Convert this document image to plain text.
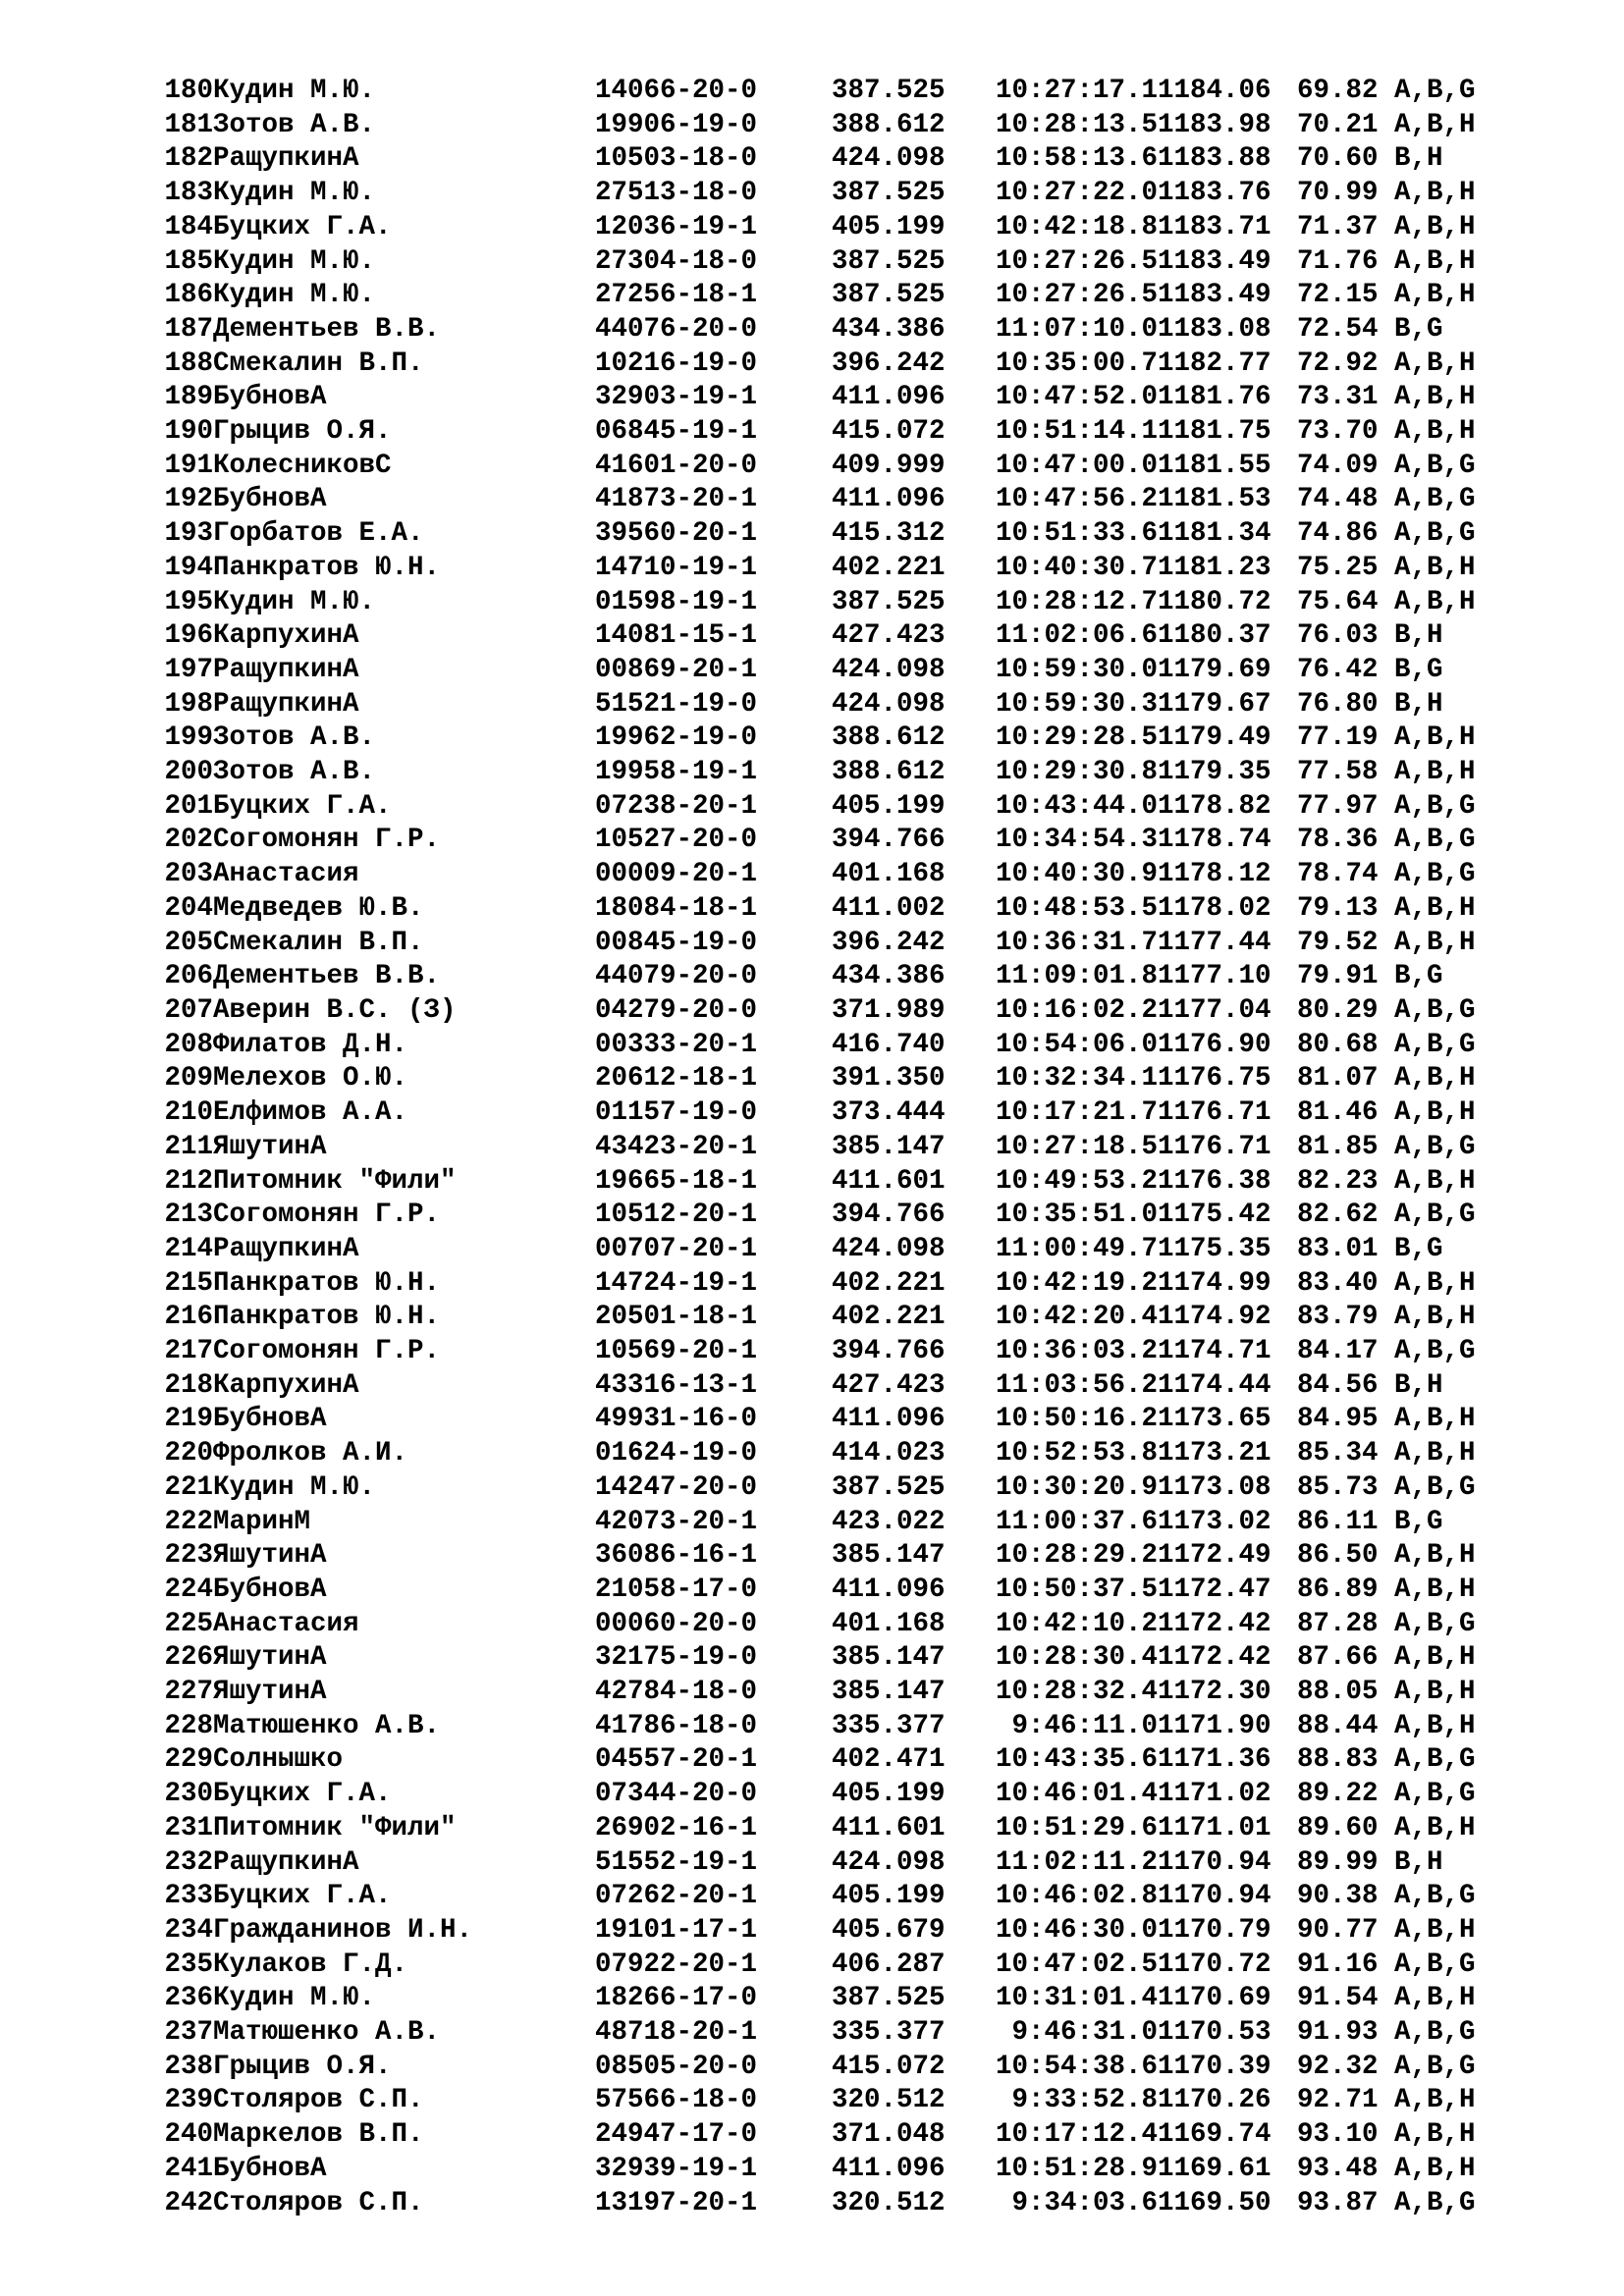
180	Кудин М.Ю.	14066-20-0	387.525	10:27:17.1	1184.06	69.82	A,B,G
181	Зотов А.В.	19906-19-0	388.612	10:28:13.5	1183.98	70.21	A,B,H
182	РащупкинА	10503-18-0	424.098	10:58:13.6	1183.88	70.60	B,H
183	Кудин М.Ю.	27513-18-0	387.525	10:27:22.0	1183.76	70.99	A,B,H
184	Буцких Г.А.	12036-19-1	405.199	10:42:18.8	1183.71	71.37	A,B,H
185	Кудин М.Ю.	27304-18-0	387.525	10:27:26.5	1183.49	71.76	A,B,H
186	Кудин М.Ю.	27256-18-1	387.525	10:27:26.5	1183.49	72.15	A,B,H
187	Дементьев В.В.	44076-20-0	434.386	11:07:10.0	1183.08	72.54	B,G
188	Смекалин В.П.	10216-19-0	396.242	10:35:00.7	1182.77	72.92	A,B,H
189	БубновА	32903-19-1	411.096	10:47:52.0	1181.76	73.31	A,B,H
190	Грыцив О.Я.	06845-19-1	415.072	10:51:14.1	1181.75	73.70	A,B,H
191	КолесниковС	41601-20-0	409.999	10:47:00.0	1181.55	74.09	A,B,G
192	БубновА	41873-20-1	411.096	10:47:56.2	1181.53	74.48	A,B,G
193	Горбатов Е.А.	39560-20-1	415.312	10:51:33.6	1181.34	74.86	A,B,G
194	Панкратов Ю.Н.	14710-19-1	402.221	10:40:30.7	1181.23	75.25	A,B,H
195	Кудин М.Ю.	01598-19-1	387.525	10:28:12.7	1180.72	75.64	A,B,H
196	КарпухинА	14081-15-1	427.423	11:02:06.6	1180.37	76.03	B,H
197	РащупкинА	00869-20-1	424.098	10:59:30.0	1179.69	76.42	B,G
198	РащупкинА	51521-19-0	424.098	10:59:30.3	1179.67	76.80	B,H
199	Зотов А.В.	19962-19-0	388.612	10:29:28.5	1179.49	77.19	A,B,H
200	Зотов А.В.	19958-19-1	388.612	10:29:30.8	1179.35	77.58	A,B,H
201	Буцких Г.А.	07238-20-1	405.199	10:43:44.0	1178.82	77.97	A,B,G
202	Согомонян Г.Р.	10527-20-0	394.766	10:34:54.3	1178.74	78.36	A,B,G
203	Анастасия	00009-20-1	401.168	10:40:30.9	1178.12	78.74	A,B,G
204	Медведев Ю.В.	18084-18-1	411.002	10:48:53.5	1178.02	79.13	A,B,H
205	Смекалин В.П.	00845-19-0	396.242	10:36:31.7	1177.44	79.52	A,B,H
206	Дементьев В.В.	44079-20-0	434.386	11:09:01.8	1177.10	79.91	B,G
207	Аверин В.С. (З)	04279-20-0	371.989	10:16:02.2	1177.04	80.29	A,B,G
208	Филатов Д.Н.	00333-20-1	416.740	10:54:06.0	1176.90	80.68	A,B,G
209	Мелехов О.Ю.	20612-18-1	391.350	10:32:34.1	1176.75	81.07	A,B,H
210	Елфимов А.А.	01157-19-0	373.444	10:17:21.7	1176.71	81.46	A,B,H
211	ЯшутинА	43423-20-1	385.147	10:27:18.5	1176.71	81.85	A,B,G
212	Питомник "Фили"	19665-18-1	411.601	10:49:53.2	1176.38	82.23	A,B,H
213	Согомонян Г.Р.	10512-20-1	394.766	10:35:51.0	1175.42	82.62	A,B,G
214	РащупкинА	00707-20-1	424.098	11:00:49.7	1175.35	83.01	B,G
215	Панкратов Ю.Н.	14724-19-1	402.221	10:42:19.2	1174.99	83.40	A,B,H
216	Панкратов Ю.Н.	20501-18-1	402.221	10:42:20.4	1174.92	83.79	A,B,H
217	Согомонян Г.Р.	10569-20-1	394.766	10:36:03.2	1174.71	84.17	A,B,G
218	КарпухинА	43316-13-1	427.423	11:03:56.2	1174.44	84.56	B,H
219	БубновА	49931-16-0	411.096	10:50:16.2	1173.65	84.95	A,B,H
220	Фролков А.И.	01624-19-0	414.023	10:52:53.8	1173.21	85.34	A,B,H
221	Кудин М.Ю.	14247-20-0	387.525	10:30:20.9	1173.08	85.73	A,B,G
222	МаринМ	42073-20-1	423.022	11:00:37.6	1173.02	86.11	B,G
223	ЯшутинА	36086-16-1	385.147	10:28:29.2	1172.49	86.50	A,B,H
224	БубновА	21058-17-0	411.096	10:50:37.5	1172.47	86.89	A,B,H
225	Анастасия	00060-20-0	401.168	10:42:10.2	1172.42	87.28	A,B,G
226	ЯшутинА	32175-19-0	385.147	10:28:30.4	1172.42	87.66	A,B,H
227	ЯшутинА	42784-18-0	385.147	10:28:32.4	1172.30	88.05	A,B,H
228	Матюшенко А.В.	41786-18-0	335.377	9:46:11.0	1171.90	88.44	A,B,H
229	Солнышко	04557-20-1	402.471	10:43:35.6	1171.36	88.83	A,B,G
230	Буцких Г.А.	07344-20-0	405.199	10:46:01.4	1171.02	89.22	A,B,G
231	Питомник "Фили"	26902-16-1	411.601	10:51:29.6	1171.01	89.60	A,B,H
232	РащупкинА	51552-19-1	424.098	11:02:11.2	1170.94	89.99	B,H
233	Буцких Г.А.	07262-20-1	405.199	10:46:02.8	1170.94	90.38	A,B,G
234	Гражданинов И.Н.	19101-17-1	405.679	10:46:30.0	1170.79	90.77	A,B,H
235	Кулаков Г.Д.	07922-20-1	406.287	10:47:02.5	1170.72	91.16	A,B,G
236	Кудин М.Ю.	18266-17-0	387.525	10:31:01.4	1170.69	91.54	A,B,H
237	Матюшенко А.В.	48718-20-1	335.377	9:46:31.0	1170.53	91.93	A,B,G
238	Грыцив О.Я.	08505-20-0	415.072	10:54:38.6	1170.39	92.32	A,B,G
239	Столяров С.П.	57566-18-0	320.512	9:33:52.8	1170.26	92.71	A,B,H
240	Маркелов В.П.	24947-17-0	371.048	10:17:12.4	1169.74	93.10	A,B,H
241	БубновА	32939-19-1	411.096	10:51:28.9	1169.61	93.48	A,B,H
242	Столяров С.П.	13197-20-1	320.512	9:34:03.6	1169.50	93.87	A,B,G
